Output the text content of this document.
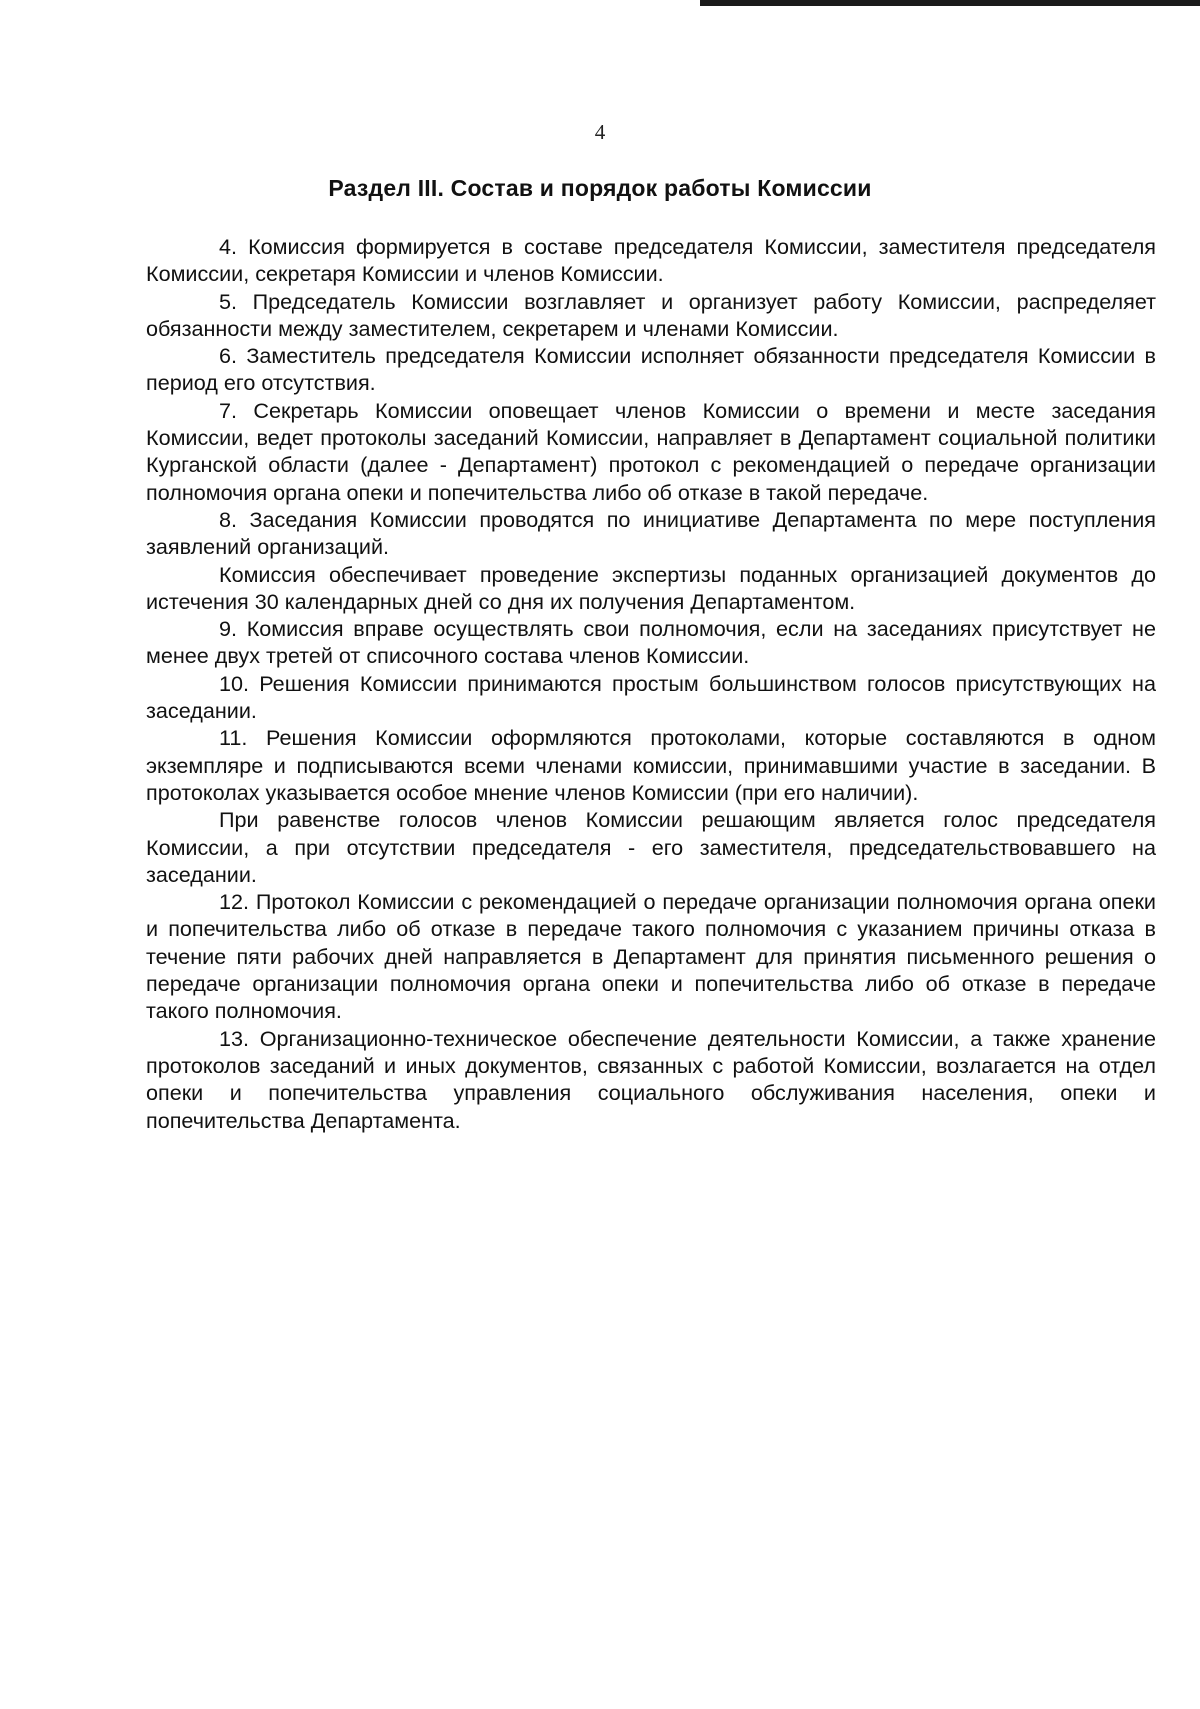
4
Раздел III. Состав и порядок работы Комиссии

4. Комиссия формируется в составе председателя Комиссии, заместителя председателя Комиссии, секретаря Комиссии и членов Комиссии.

5. Председатель Комиссии возглавляет и организует работу Комиссии, распределяет обязанности между заместителем, секретарем и членами Комиссии.

6. Заместитель председателя Комиссии исполняет обязанности председателя Комиссии в период его отсутствия.

7. Секретарь Комиссии оповещает членов Комиссии о времени и месте заседания Комиссии, ведет протоколы заседаний Комиссии, направляет в Департамент социальной политики Курганской области (далее - Департамент) протокол с рекомендацией о передаче организации полномочия органа опеки и попечительства либо об отказе в такой передаче.

8. Заседания Комиссии проводятся по инициативе Департамента по мере поступления заявлений организаций.

Комиссия обеспечивает проведение экспертизы поданных организацией документов до истечения 30 календарных дней со дня их получения Департаментом.

9. Комиссия вправе осуществлять свои полномочия, если на заседаниях присутствует не менее двух третей от списочного состава членов Комиссии.

10. Решения Комиссии принимаются простым большинством голосов присутствующих на заседании.

11. Решения Комиссии оформляются протоколами, которые составляются в одном экземпляре и подписываются всеми членами комиссии, принимавшими участие в заседании. В протоколах указывается особое мнение членов Комиссии (при его наличии).

При равенстве голосов членов Комиссии решающим является голос председателя Комиссии, а при отсутствии председателя - его заместителя, председательствовавшего на заседании.

12. Протокол Комиссии с рекомендацией о передаче организации полномочия органа опеки и попечительства либо об отказе в передаче такого полномочия с указанием причины отказа в течение пяти рабочих дней направляется в Департамент для принятия письменного решения о передаче организации полномочия органа опеки и попечительства либо об отказе в передаче такого полномочия.

13. Организационно-техническое обеспечение деятельности Комиссии, а также хранение протоколов заседаний и иных документов, связанных с работой Комиссии, возлагается на отдел опеки и попечительства управления социального обслуживания населения, опеки и попечительства Департамента.
